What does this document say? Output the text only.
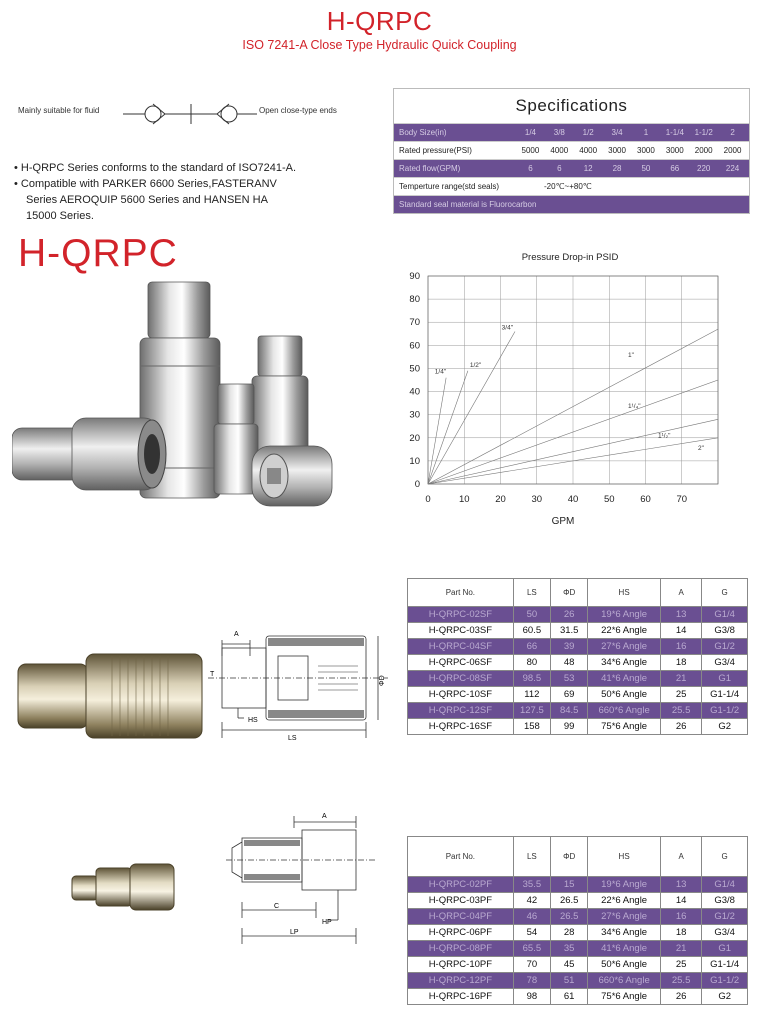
H-QRPC
ISO 7241-A Close Type Hydraulic Quick Coupling
Mainly suitable for fluid	Open close-type ends
• H-QRPC Series conforms to the standard of ISO7241-A.
• Compatible with PARKER 6600 Series,FASTERANV
Series AEROQUIP 5600 Series and HANSEN HA
15000 Series.
H-QRPC
Specifications
Body Size(in)	1/4	3/8	1/2	3/4	1	1-1/4	1-1/2	2
Rated pressure(PSI)	5000	4000	4000	3000	3000	3000	2000	2000
Rated flow(GPM)	6	6	12	28	50	66	220	224
Temperture range(std seals)	-20℃~+80℃
Standard seal material is Fluorocarbon
Pressure Drop-in PSID
0
10
20
30
40
50
60
70
80
90
0	10	20	30	40	50	60	70
1/4"
1/2"
3/4"
1"
1¹/₄"
1¹/₂"
2"
GPM
A
HS
LS
T
ΦD
A
C
HP
LP
Part No.	LS	ΦD	HS	A	G
H-QRPC-02SF	50	26	19*6 Angle	13	G1/4
H-QRPC-03SF	60.5	31.5	22*6 Angle	14	G3/8
H-QRPC-04SF	66	39	27*6 Angle	16	G1/2
H-QRPC-06SF	80	48	34*6 Angle	18	G3/4
H-QRPC-08SF	98.5	53	41*6 Angle	21	G1
H-QRPC-10SF	112	69	50*6 Angle	25	G1-1/4
H-QRPC-12SF	127.5	84.5	660*6 Angle	25.5	G1-1/2
H-QRPC-16SF	158	99	75*6 Angle	26	G2
Part No.	LS	ΦD	HS	A	G
H-QRPC-02PF	35.5	15	19*6 Angle	13	G1/4
H-QRPC-03PF	42	26.5	22*6 Angle	14	G3/8
H-QRPC-04PF	46	26.5	27*6 Angle	16	G1/2
H-QRPC-06PF	54	28	34*6 Angle	18	G3/4
H-QRPC-08PF	65.5	35	41*6 Angle	21	G1
H-QRPC-10PF	70	45	50*6 Angle	25	G1-1/4
H-QRPC-12PF	78	51	660*6 Angle	25.5	G1-1/2
H-QRPC-16PF	98	61	75*6 Angle	26	G2
